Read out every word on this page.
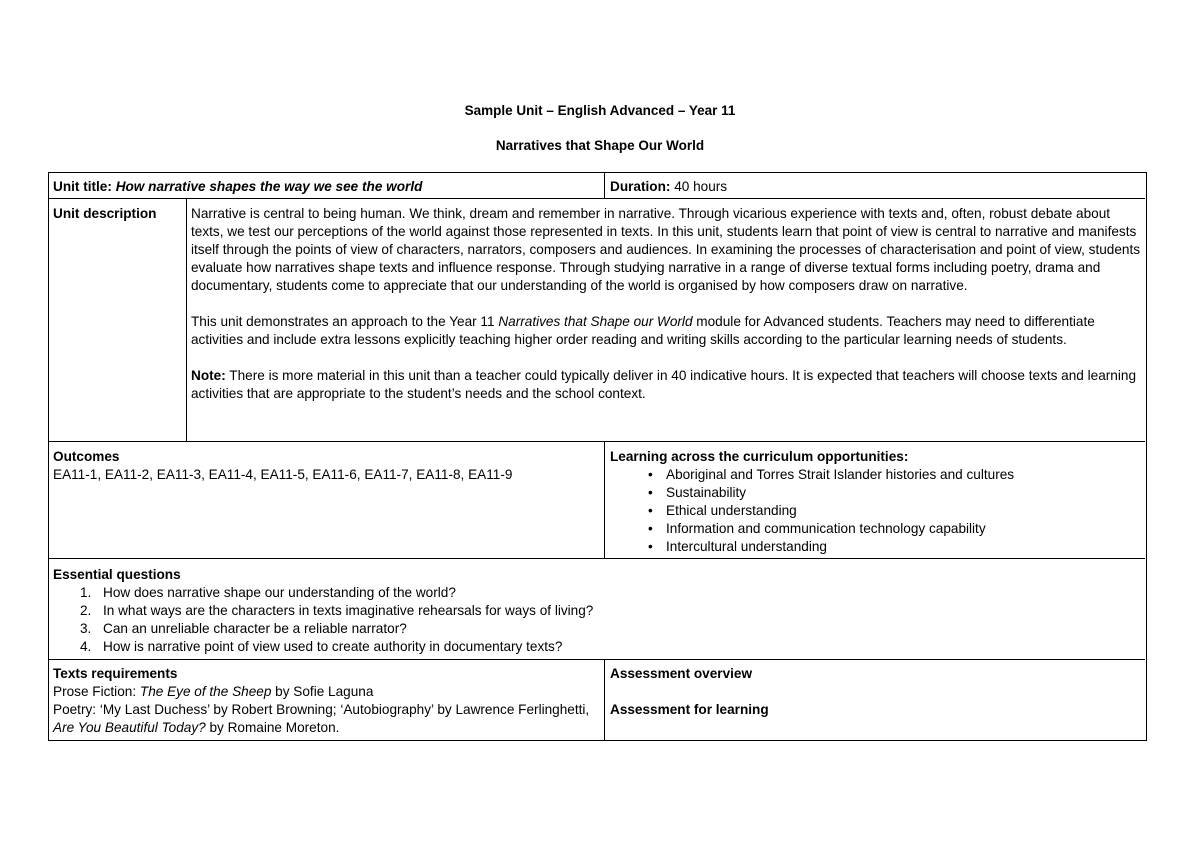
Sample Unit – English Advanced – Year 11
Narratives that Shape Our World
Unit title: How narrative shapes the way we see the world	Duration: 40 hours
Unit description	Narrative is central to being human. We think, dream and remember in narrative. Through vicarious experience with texts and, often, robust debate about texts, we test our perceptions of the world against those represented in texts. In this unit, students learn that point of view is central to narrative and manifests itself through the points of view of characters, narrators, composers and audiences. In examining the processes of characterisation and point of view, students evaluate how narratives shape texts and influence response. Through studying narrative in a range of diverse textual forms including poetry, drama and documentary, students come to appreciate that our understanding of the world is organised by how composers draw on narrative.

This unit demonstrates an approach to the Year 11 Narratives that Shape our World module for Advanced students. Teachers may need to differentiate activities and include extra lessons explicitly teaching higher order reading and writing skills according to the particular learning needs of students.

Note: There is more material in this unit than a teacher could typically deliver in 40 indicative hours. It is expected that teachers will choose texts and learning activities that are appropriate to the student’s needs and the school context.

Outcomes
EA11-1, EA11-2, EA11-3, EA11-4, EA11-5, EA11-6, EA11-7, EA11-8, EA11-9
Learning across the curriculum opportunities:
• Aboriginal and Torres Strait Islander histories and cultures
• Sustainability
• Ethical understanding
• Information and communication technology capability
• Intercultural understanding
Essential questions
1. How does narrative shape our understanding of the world?
2. In what ways are the characters in texts imaginative rehearsals for ways of living?
3. Can an unreliable character be a reliable narrator?
4. How is narrative point of view used to create authority in documentary texts?
Texts requirements
Prose Fiction: The Eye of the Sheep by Sofie Laguna
Poetry: ‘My Last Duchess’ by Robert Browning; ‘Autobiography’ by Lawrence Ferlinghetti, Are You Beautiful Today? by Romaine Moreton.
Assessment overview
Assessment for learning
